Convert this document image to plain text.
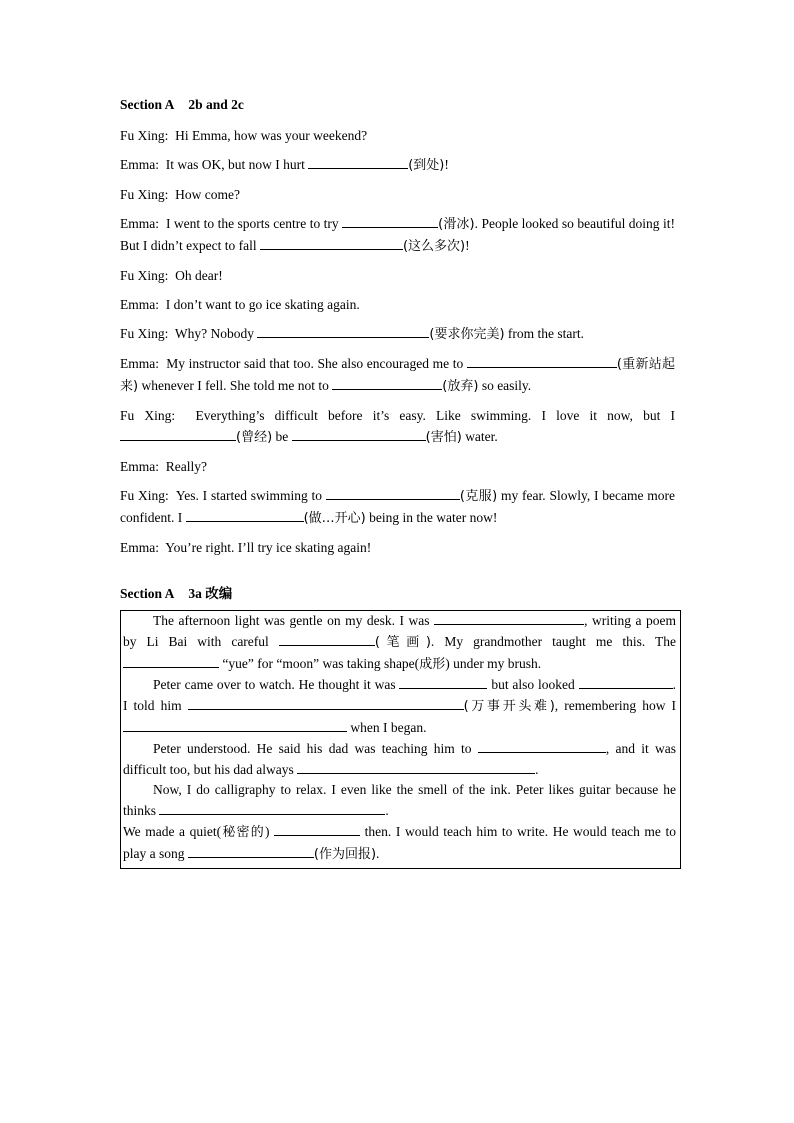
Section A 2b and 2c

Fu Xing: Hi Emma, how was your weekend?

Emma: It was OK, but now I hurt	(到处)!

Fu Xing: How come?

Emma: I went to the sports centre to try	(滑冰). People looked so beautiful doing it! But I didn’t expect to fall	(这么多次)!

Fu Xing: Oh dear!

Emma: I don’t want to go ice skating again.

Fu Xing: Why? Nobody	(要求你完美) from the start.

Emma: My instructor said that too. She also encouraged me to	(重新站起来) whenever I fell. She told me not to	(放弃) so easily.

Fu Xing: Everything’s difficult before it’s easy. Like swimming. I love it now, but I (曾经) be	(害怕) water.

Emma: Really?

Fu Xing: Yes. I started swimming to	(克服) my fear. Slowly, I became more confident. I	(做…开心) being in the water now!

Emma: You’re right. I’ll try ice skating again!

Section A 3a 改编

The afternoon light was gentle on my desk. I was	, writing a poem by Li Bai with careful	(笔画). My grandmother taught me this. The  “yue” for “moon” was taking shape(成形) under my brush.

Peter came over to watch. He thought it was	but also looked	. I told him	(万事开头难), remembering how I  when I began.

Peter understood. He said his dad was teaching him to	, and it was difficult too, but his dad always	.

Now, I do calligraphy to relax. I even like the smell of the ink. Peter likes guitar because he thinks	.

We made a quiet(秘密的)	then. I would teach him to write. He would teach me to play a song	(作为回报).
